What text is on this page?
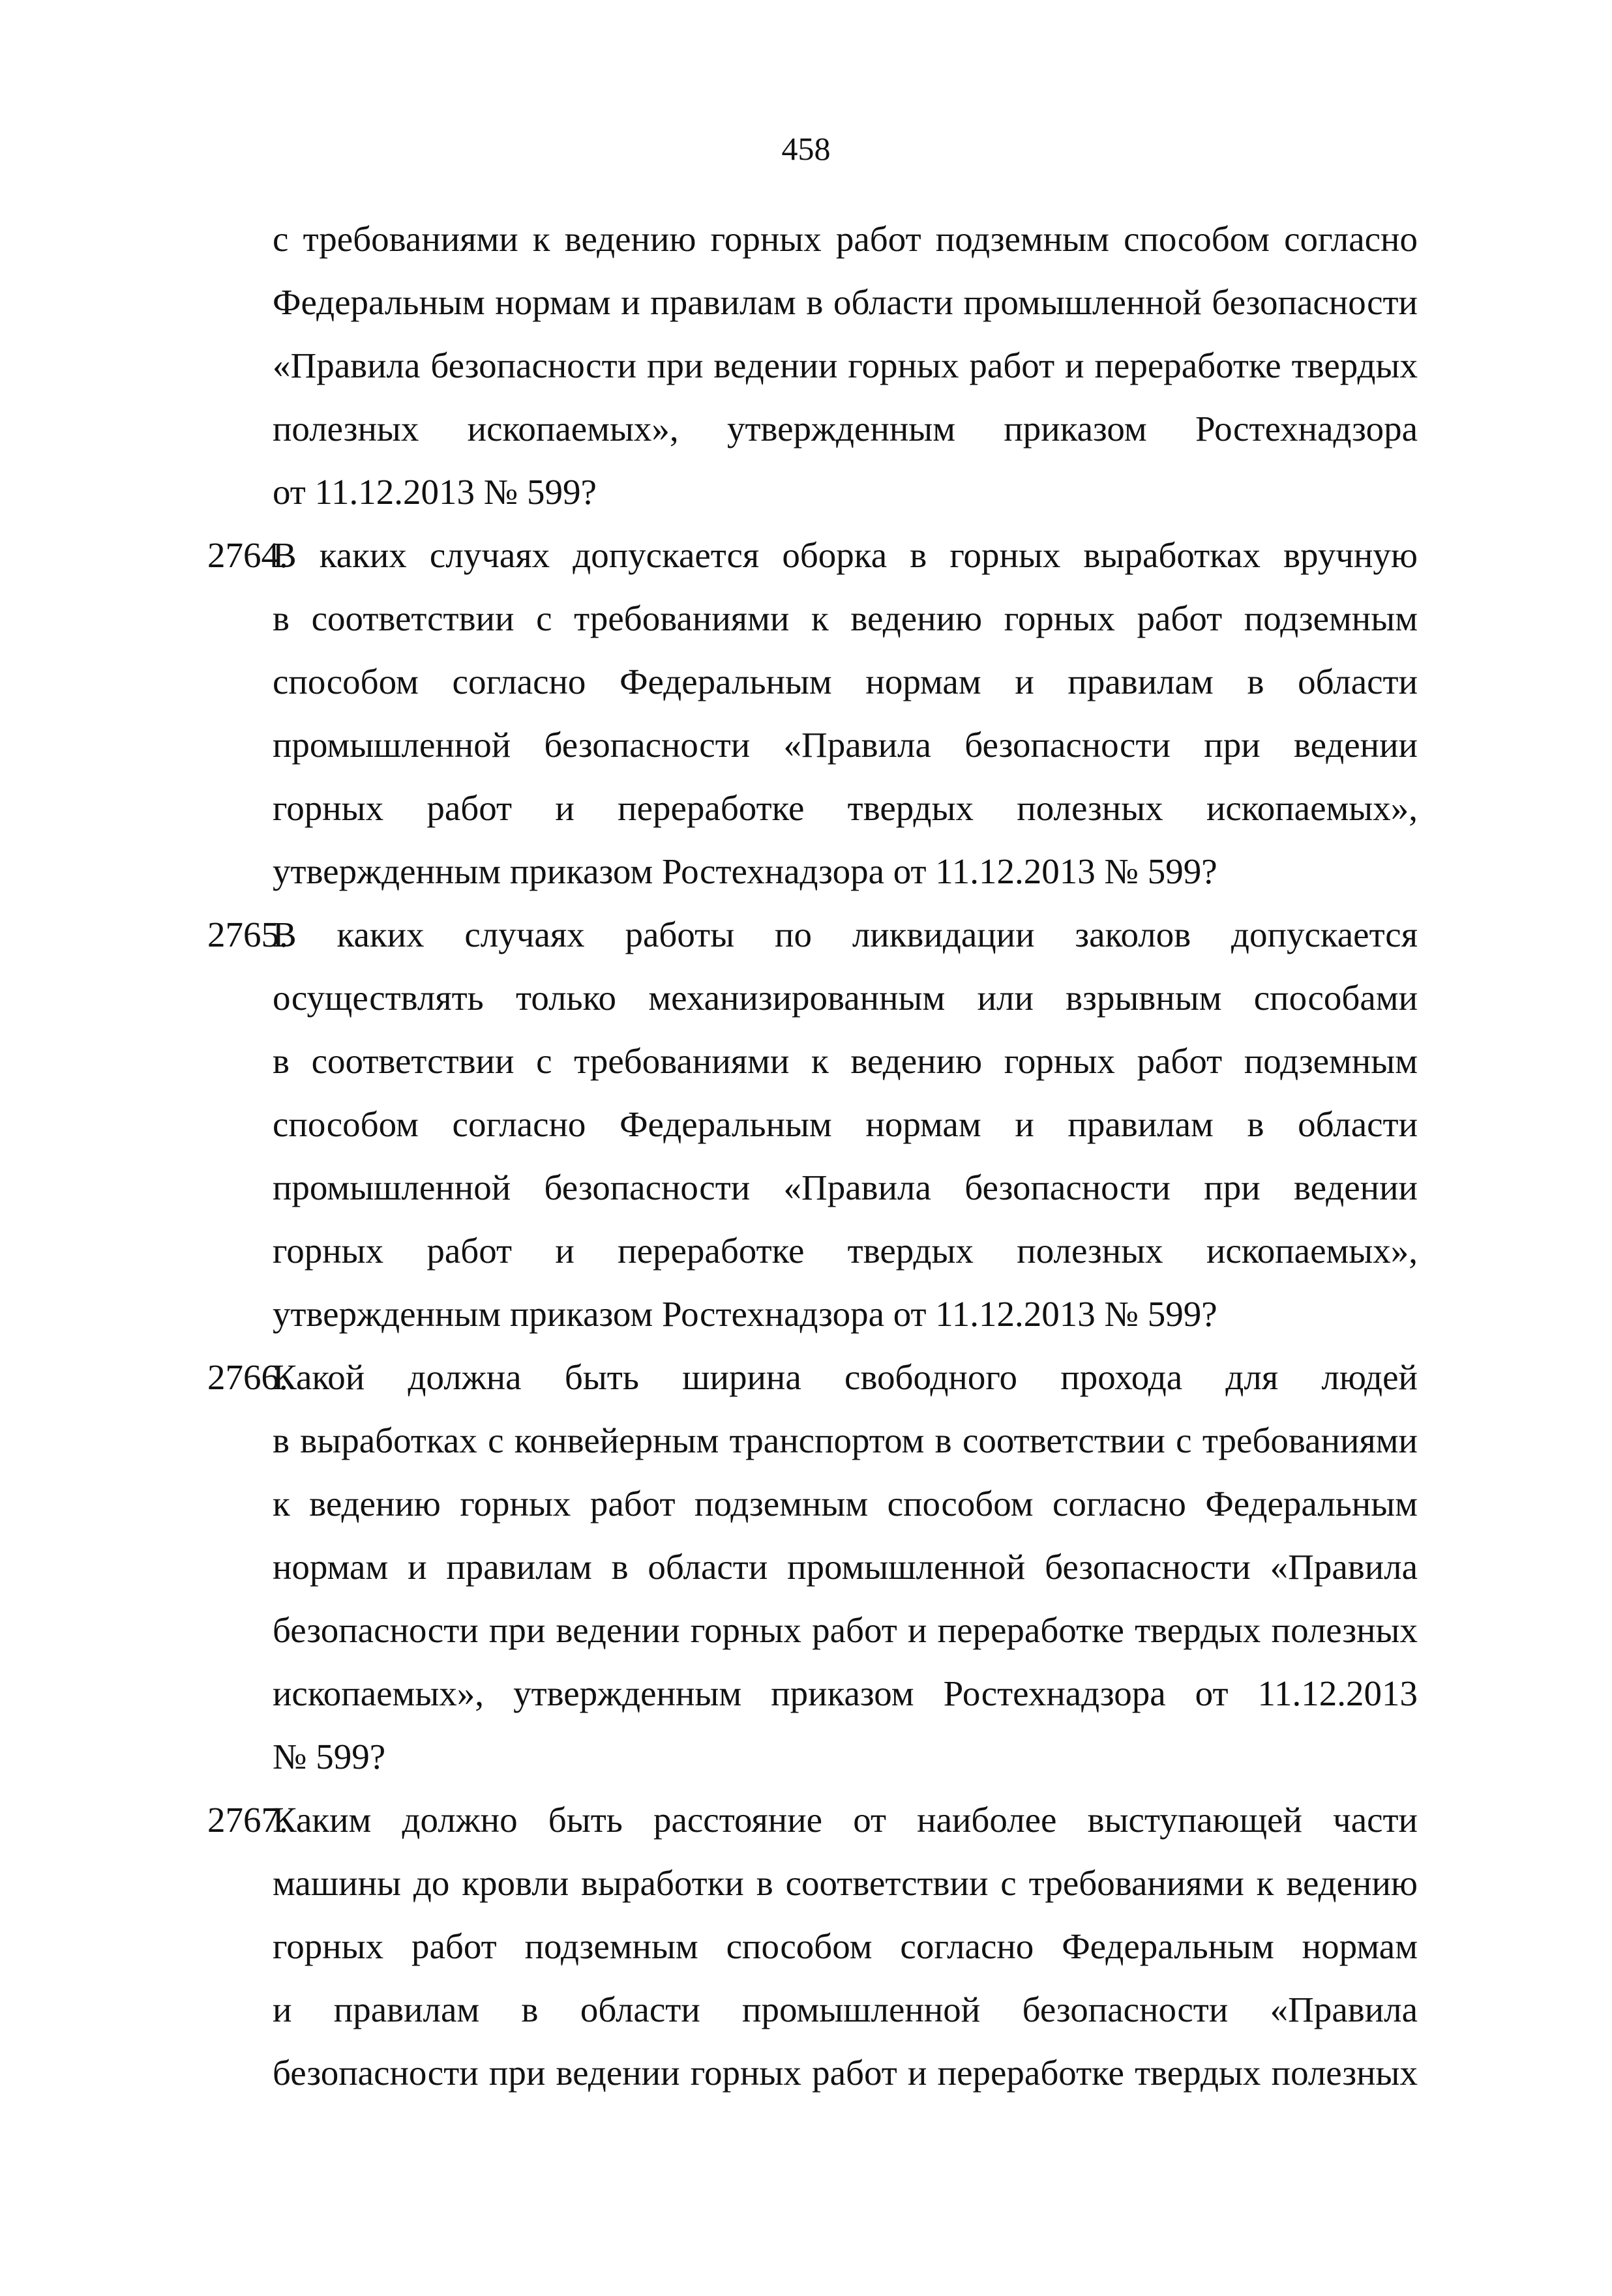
458
с требованиями к ведению горных работ подземным способом согласно
Федеральным нормам и правилам в области промышленной безопасности
«Правила безопасности при ведении горных работ и переработке твердых
полезных ископаемых», утвержденным приказом Ростехнадзора
от 11.12.2013 № 599?
2764.
В каких случаях допускается оборка в горных выработках вручную
в соответствии с требованиями к ведению горных работ подземным
способом согласно Федеральным нормам и правилам в области
промышленной безопасности «Правила безопасности при ведении
горных работ и переработке твердых полезных ископаемых»,
утвержденным приказом Ростехнадзора от 11.12.2013 № 599?
2765.
В каких случаях работы по ликвидации заколов допускается
осуществлять только механизированным или взрывным способами
в соответствии с требованиями к ведению горных работ подземным
способом согласно Федеральным нормам и правилам в области
промышленной безопасности «Правила безопасности при ведении
горных работ и переработке твердых полезных ископаемых»,
утвержденным приказом Ростехнадзора от 11.12.2013 № 599?
2766.
Какой должна быть ширина свободного прохода для людей
в выработках с конвейерным транспортом в соответствии с требованиями
к ведению горных работ подземным способом согласно Федеральным
нормам и правилам в области промышленной безопасности «Правила
безопасности при ведении горных работ и переработке твердых полезных
ископаемых», утвержденным приказом Ростехнадзора от 11.12.2013
№ 599?
2767.
Каким должно быть расстояние от наиболее выступающей части
машины до кровли выработки в соответствии с требованиями к ведению
горных работ подземным способом согласно Федеральным нормам
и правилам в области промышленной безопасности «Правила
безопасности при ведении горных работ и переработке твердых полезных
